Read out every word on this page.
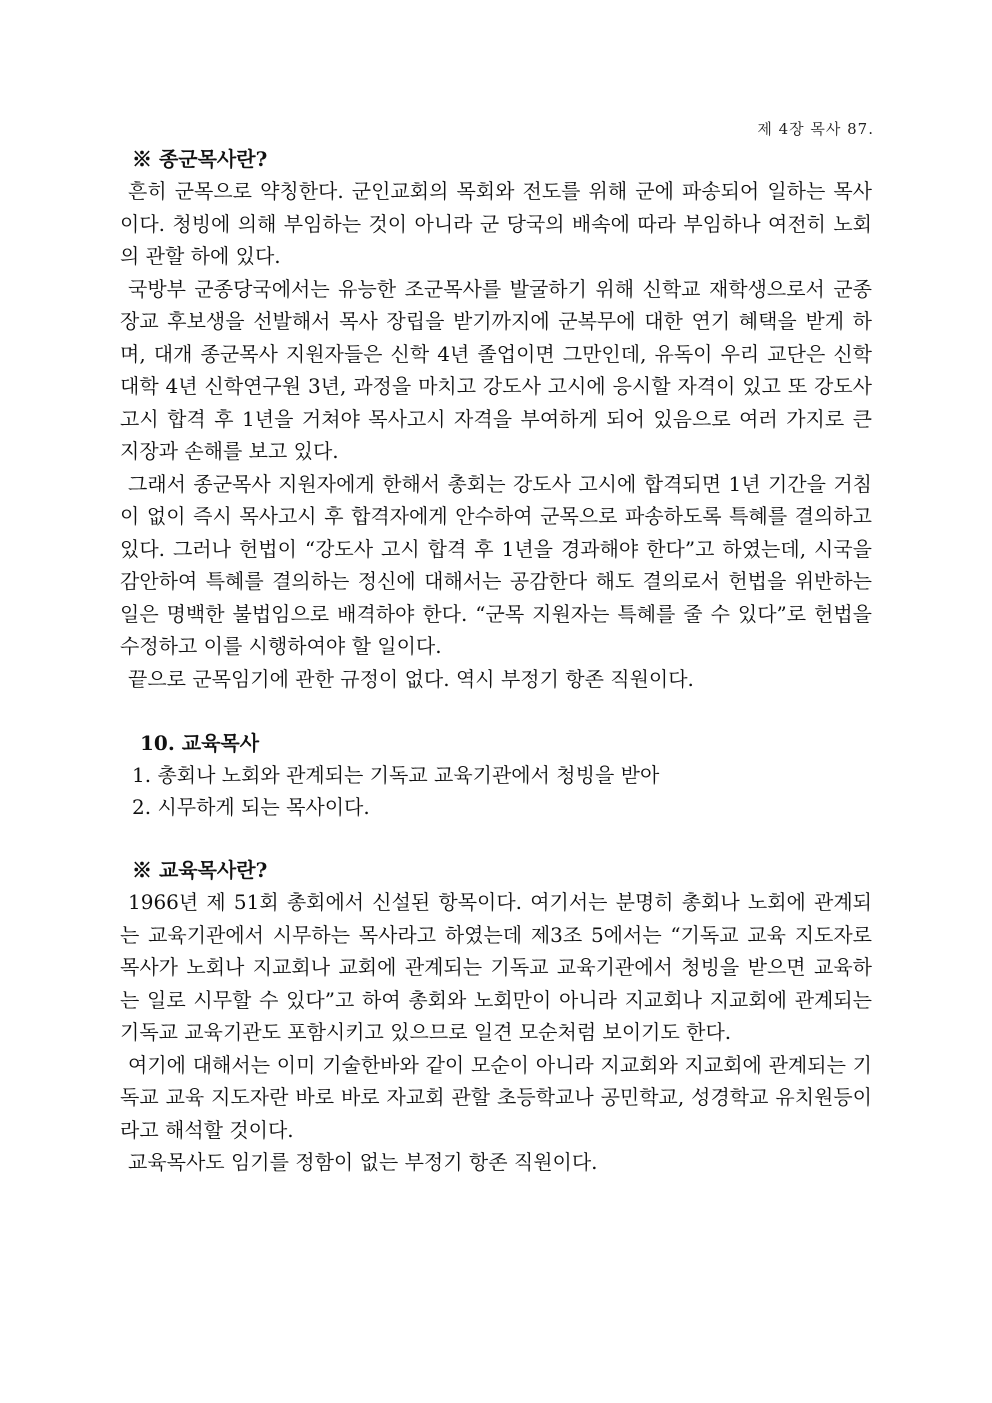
제 4장 목사 87.

※ 종군목사란?

흔히 군목으로 약칭한다. 군인교회의 목회와 전도를 위해 군에 파송되어 일하는 목사이다. 청빙에 의해 부임하는 것이 아니라 군 당국의 배속에 따라 부임하나 여전히 노회의 관할 하에 있다.

국방부 군종당국에서는 유능한 조군목사를 발굴하기 위해 신학교 재학생으로서 군종장교 후보생을 선발해서 목사 장립을 받기까지에 군복무에 대한 연기 혜택을 받게 하며, 대개 종군목사 지원자들은 신학 4년 졸업이면 그만인데, 유독이 우리 교단은 신학대학 4년 신학연구원 3년, 과정을 마치고 강도사 고시에 응시할 자격이 있고 또 강도사 고시 합격 후 1년을 거쳐야 목사고시 자격을 부여하게 되어 있음으로 여러 가지로 큰 지장과 손해를 보고 있다.

그래서 종군목사 지원자에게 한해서 총회는 강도사 고시에 합격되면 1년 기간을 거침이 없이 즉시 목사고시 후 합격자에게 안수하여 군목으로 파송하도록 특혜를 결의하고 있다. 그러나 헌법이 “강도사 고시 합격 후 1년을 경과해야 한다”고 하였는데, 시국을 감안하여 특혜를 결의하는 정신에 대해서는 공감한다 해도 결의로서 헌법을 위반하는 일은 명백한 불법임으로 배격하야 한다. “군목 지원자는 특혜를 줄 수 있다”로 헌법을 수정하고 이를 시행하여야 할 일이다.

끝으로 군목임기에 관한 규정이 없다. 역시 부정기 항존 직원이다.

10. 교육목사

1. 총회나 노회와 관계되는 기독교 교육기관에서 청빙을 받아

2. 시무하게 되는 목사이다.

※ 교육목사란?

1966년 제 51회 총회에서 신설된 항목이다. 여기서는 분명히 총회나 노회에 관계되는 교육기관에서 시무하는 목사라고 하였는데 제3조 5에서는 “기독교 교육 지도자로 목사가 노회나 지교회나 교회에 관계되는 기독교 교육기관에서 청빙을 받으면 교육하는 일로 시무할 수 있다”고 하여 총회와 노회만이 아니라 지교회나 지교회에 관계되는 기독교 교육기관도 포함시키고 있으므로 일견 모순처럼 보이기도 한다.

여기에 대해서는 이미 기술한바와 같이 모순이 아니라 지교회와 지교회에 관계되는 기독교 교육 지도자란 바로 바로 자교회 관할 초등학교나 공민학교, 성경학교 유치원등이라고 해석할 것이다.

교육목사도 임기를 정함이 없는 부정기 항존 직원이다.
